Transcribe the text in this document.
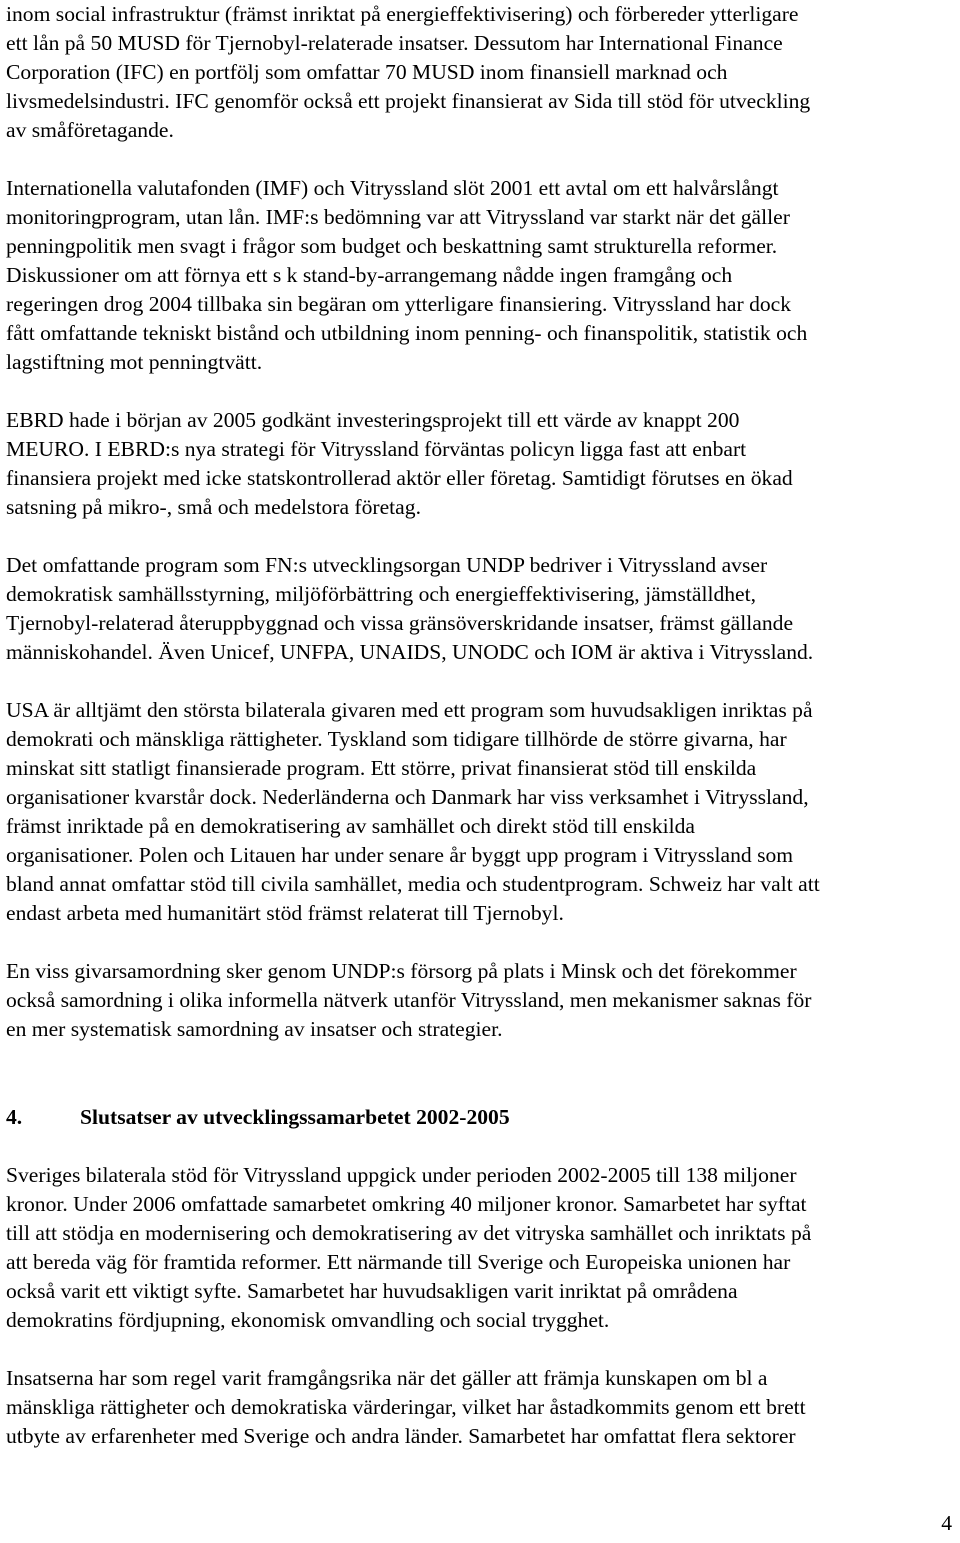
inom social infrastruktur (främst inriktat på energieffektivisering) och förbereder ytterligare
ett lån på 50 MUSD för Tjernobyl-relaterade insatser. Dessutom har International Finance
Corporation (IFC) en portfölj som omfattar 70 MUSD inom finansiell marknad och
livsmedelsindustri. IFC genomför också ett projekt finansierat av Sida till stöd för utveckling
av småföretagande.
Internationella valutafonden (IMF) och Vitryssland slöt 2001 ett avtal om ett halvårslångt
monitoringprogram, utan lån. IMF:s bedömning var att Vitryssland var starkt när det gäller
penningpolitik men svagt i frågor som budget och beskattning samt strukturella reformer.
Diskussioner om att förnya ett s k stand-by-arrangemang nådde ingen framgång och
regeringen drog 2004 tillbaka sin begäran om ytterligare finansiering. Vitryssland har dock
fått omfattande tekniskt bistånd och utbildning inom penning- och finanspolitik, statistik och
lagstiftning mot penningtvätt.
EBRD hade i början av 2005 godkänt investeringsprojekt till ett värde av knappt 200
MEURO. I EBRD:s nya strategi för Vitryssland förväntas policyn ligga fast att enbart
finansiera projekt med icke statskontrollerad aktör eller företag. Samtidigt förutses en ökad
satsning på mikro-, små och medelstora företag.
Det omfattande program som FN:s utvecklingsorgan UNDP bedriver i Vitryssland avser
demokratisk samhällsstyrning, miljöförbättring och energieffektivisering, jämställdhet,
Tjernobyl-relaterad återuppbyggnad och vissa gränsöverskridande insatser, främst gällande
människohandel. Även Unicef, UNFPA, UNAIDS, UNODC och IOM är aktiva i Vitryssland.
USA är alltjämt den största bilaterala givaren med ett program som huvudsakligen inriktas på
demokrati och mänskliga rättigheter. Tyskland som tidigare tillhörde de större givarna, har
minskat sitt statligt finansierade program. Ett större, privat finansierat stöd till enskilda
organisationer kvarstår dock. Nederländerna och Danmark har viss verksamhet i Vitryssland,
främst inriktade på en demokratisering av samhället och direkt stöd till enskilda
organisationer. Polen och Litauen har under senare år byggt upp program i Vitryssland som
bland annat omfattar stöd till civila samhället, media och studentprogram. Schweiz har valt att
endast arbeta med humanitärt stöd främst relaterat till Tjernobyl.
En viss givarsamordning sker genom UNDP:s försorg på plats i Minsk och det förekommer
också samordning i olika informella nätverk utanför Vitryssland, men mekanismer saknas för
en mer systematisk samordning av insatser och strategier.
4.	Slutsatser av utvecklingssamarbetet 2002-2005
Sveriges bilaterala stöd för Vitryssland uppgick under perioden 2002-2005 till 138 miljoner
kronor. Under 2006 omfattade samarbetet omkring 40 miljoner kronor. Samarbetet har syftat
till att stödja en modernisering och demokratisering av det vitryska samhället och inriktats på
att bereda väg för framtida reformer. Ett närmande till Sverige och Europeiska unionen har
också varit ett viktigt syfte. Samarbetet har huvudsakligen varit inriktat på områdena
demokratins fördjupning, ekonomisk omvandling och social trygghet.
Insatserna har som regel varit framgångsrika när det gäller att främja kunskapen om bl a
mänskliga rättigheter och demokratiska värderingar, vilket har åstadkommits genom ett brett
utbyte av erfarenheter med Sverige och andra länder. Samarbetet har omfattat flera sektorer
4
